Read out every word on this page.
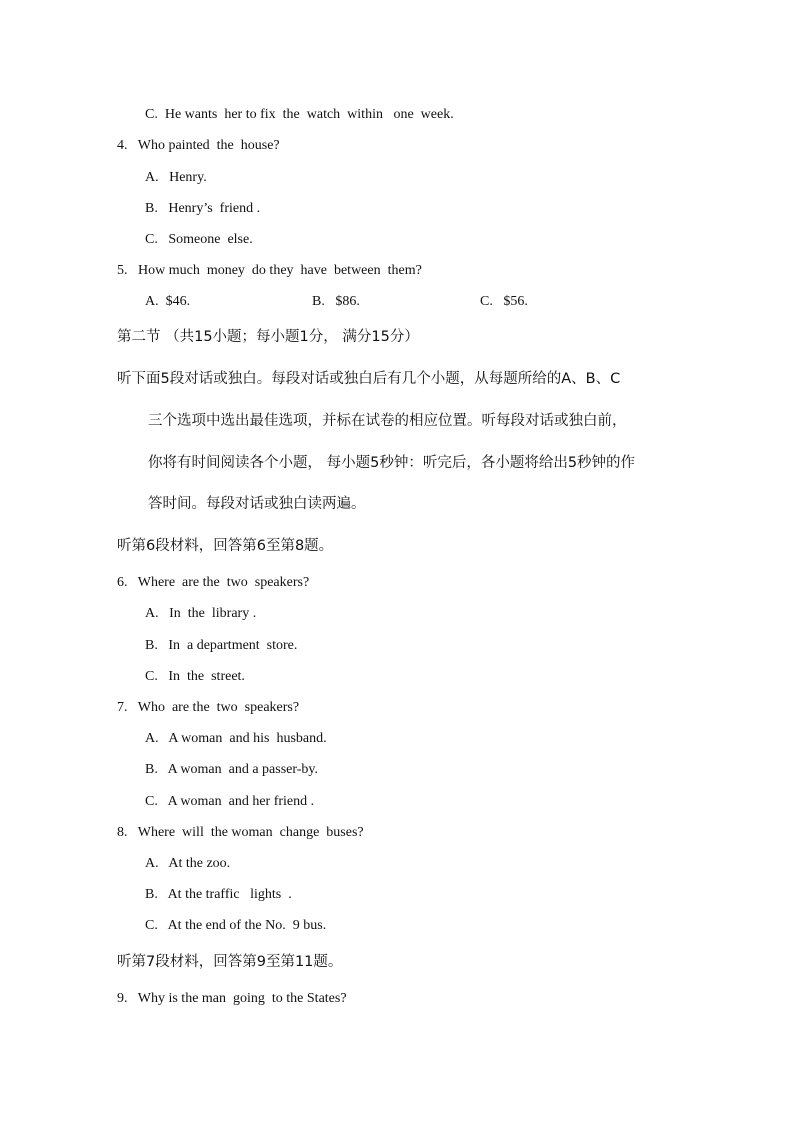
C.  He wants  her to fix  the  watch  within   one  week.
4.   Who painted  the  house?
A.   Henry.
B.   Henry’s  friend .
C.   Someone  else.
5.   How much  money  do they  have  between  them?
A.  $46.	B.   $86.	C.   $56.
第二节 （共15小题；每小题1分， 满分15分）
听下面5段对话或独白。每段对话或独白后有几个小题，从每题所给的A、B、C
三个选项中选出最佳选项，并标在试卷的相应位置。听每段对话或独白前，
你将有时间阅读各个小题， 每小题5秒钟：听完后，各小题将给出5秒钟的作
答时间。每段对话或独白读两遍。
听第6段材料，回答第6至第8题。
6.   Where  are the  two  speakers?
A.   In  the  library .
B.   In  a department  store.
C.   In  the  street.
7.   Who  are the  two  speakers?
A.   A woman  and his  husband.
B.   A woman  and a passer-by.
C.   A woman  and her friend .
8.   Where  will  the woman  change  buses?
A.   At the zoo.
B.   At the traffic   lights  .
C.   At the end of the No.  9 bus.
听第7段材料，回答第9至第11题。
9.   Why is the man  going  to the States?
